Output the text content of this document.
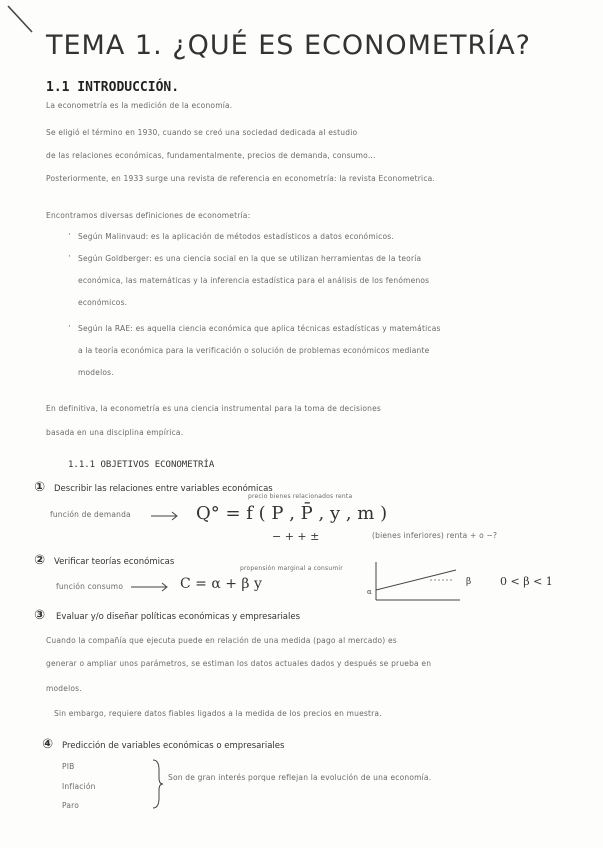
TEMA 1. ¿QUÉ ES ECONOMETRÍA?
1.1 INTRODUCCIÓN.
La econometría es la medición de la economía.
Se eligió el término en 1930, cuando se creó una sociedad dedicada al estudio
de las relaciones económicas, fundamentalmente, precios de demanda, consumo...
Posteriormente, en 1933 surge una revista de referencia en econometría: la revista Econometrica.
Encontramos diversas definiciones de econometría:
· Según Malinvaud: es la aplicación de métodos estadísticos a datos económicos.
· Según Goldberger: es una ciencia social en la que se utilizan herramientas de la teoría
económica, las matemáticas y la inferencia estadística para el análisis de los fenómenos
económicos.
· Según la RAE: es aquella ciencia económica que aplica técnicas estadísticas y matemáticas
a la teoría económica para la verificación o solución de problemas económicos mediante
modelos.
En definitiva, la econometría es una ciencia instrumental para la toma de decisiones
basada en una disciplina empírica.
1.1.1 OBJETIVOS ECONOMETRÍA
① Describir las relaciones entre variables económicas
función de demanda	Q° = f ( P , P̄ , y , m )
precio bienes relacionados renta
− + + ±	(bienes inferiores) renta + o −?
② Verificar teorías económicas
función consumo	C = α + β y
propensión marginal a consumir
α
β	0 < β < 1
③ Evaluar y/o diseñar políticas económicas y empresariales
Cuando la compañía que ejecuta puede en relación de una medida (pago al mercado) es
generar o ampliar unos parámetros, se estiman los datos actuales dados y después se prueba en
modelos.
Sin embargo, requiere datos fiables ligados a la medida de los precios en muestra.
④ Predicción de variables económicas o empresariales
PIB
Inflación
Paro
Son de gran interés porque reflejan la evolución de una economía.
